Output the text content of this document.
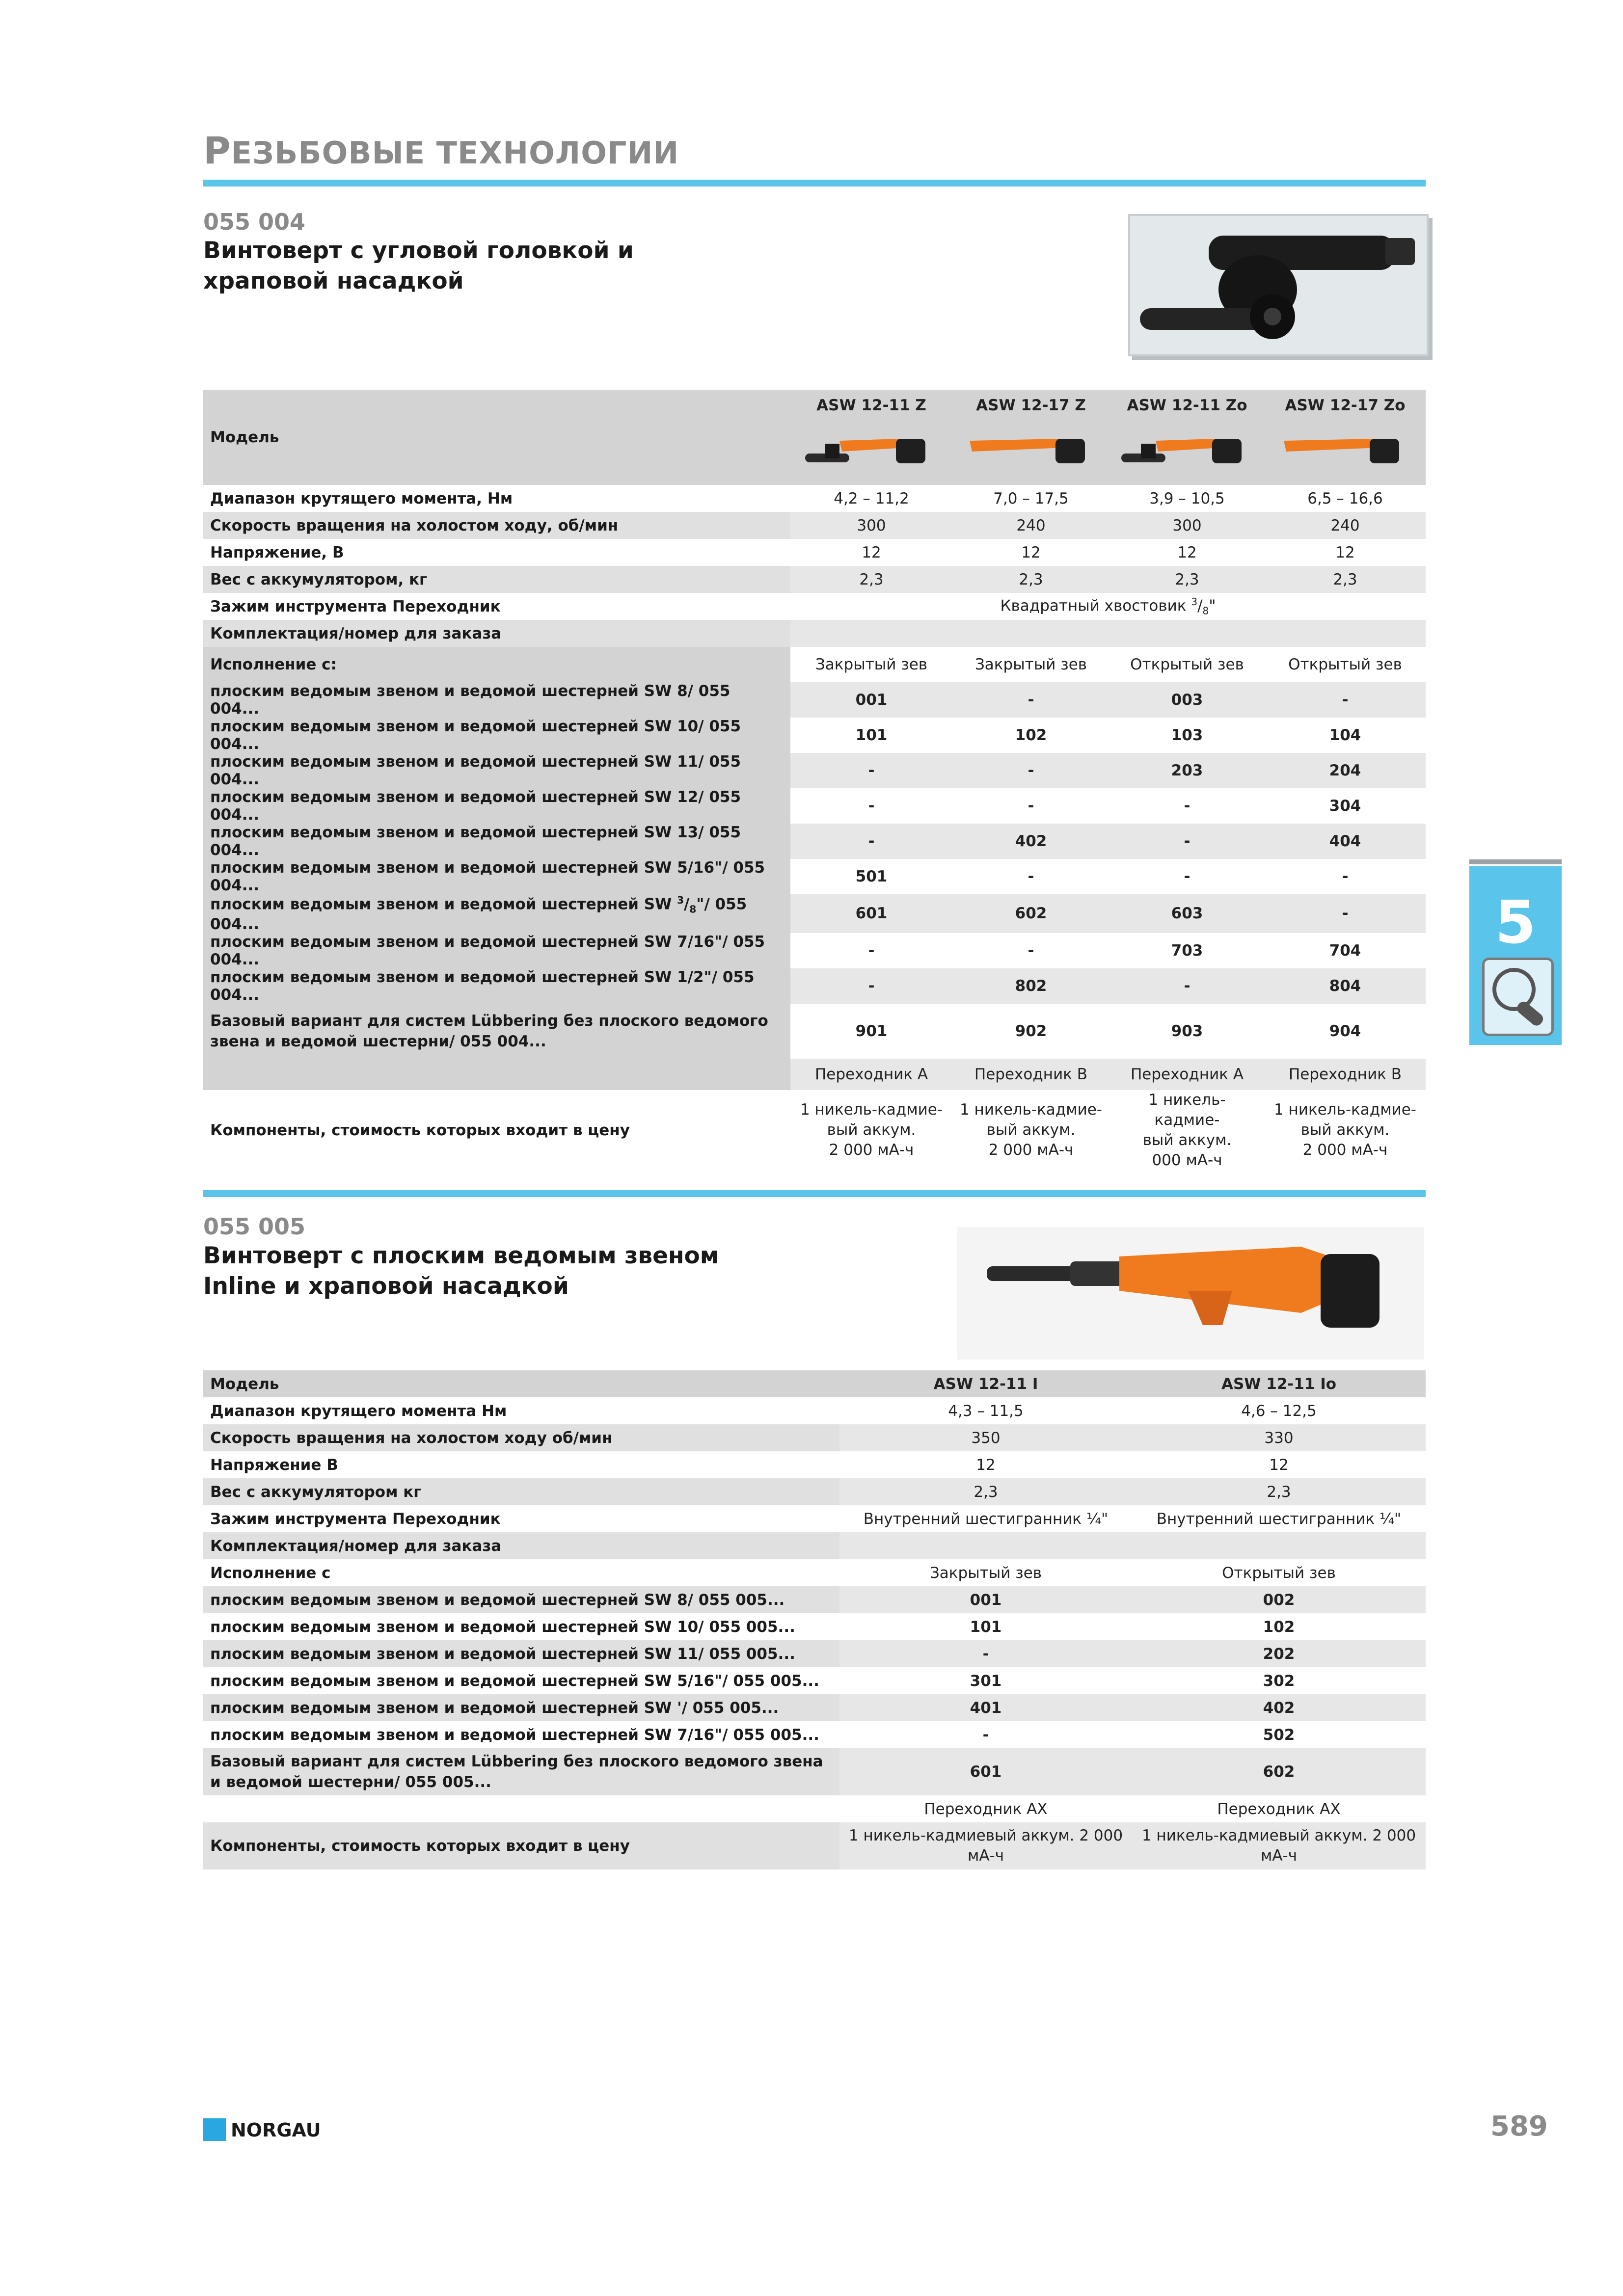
РЕЗЬБОВЫЕ ТЕХНОЛОГИИ
055 004
Винтоверт с угловой головкой и храповой насадкой
Модель	ASW 12-11 Z	ASW 12-17 Z	ASW 12-11 Zo	ASW 12-17 Zo

Диапазон крутящего момента, Нм	4,2 – 11,2	7,0 – 17,5	3,9 – 10,5	6,5 – 16,6
Скорость вращения на холостом ходу, об/мин	300	240	300	240
Напряжение, В	12	12	12	12
Вес с аккумулятором, кг	2,3	2,3	2,3	2,3
Зажим инструмента Переходник	Квадратный хвостовик $^3/_8$"			
Комплектация/номер для заказа				
Исполнение с:	Закрытый зев	Закрытый зев	Открытый зев	Открытый зев
плоским ведомым звеном и ведомой шестерней SW 8/ 055 004...	001	-	003	-
плоским ведомым звеном и ведомой шестерней SW 10/ 055 004...	101	102	103	104
плоским ведомым звеном и ведомой шестерней SW 11/ 055 004...	-	-	203	204
плоским ведомым звеном и ведомой шестерней SW 12/ 055 004...	-	-	-	304
плоским ведомым звеном и ведомой шестерней SW 13/ 055 004...	-	402	-	404
плоским ведомым звеном и ведомой шестерней SW 5/16"/ 055 004...	501	-	-	-
плоским ведомым звеном и ведомой шестерней SW $^3/_8"/$ 055 004...	601	602	603	-
плоским ведомым звеном и ведомой шестерней SW 7/16"/ 055 004...	-	-	703	704
плоским ведомым звеном и ведомой шестерней SW 1/2"/ 055 004...	-	802	-	804
Базовый вариант для систем Lübbering без плоского ведомого звена и ведомой шестерни/ 055 004...	901	902	903	904
	Переходник A	Переходник B	Переходник A	Переходник B
Компоненты, стоимость которых входит в цену	1 никель-кадмие-
вый аккум.
2 000 мА-ч	1 никель-кадмие-
вый аккум.
2 000 мА-ч	1 никель-кадмие-
вый аккум.
000 мА-ч	1 никель-кадмие-
вый аккум.
2 000 мА-ч
055 005
Винтоверт с плоским ведомым звеном Inline и храповой насадкой
Модель	ASW 12-11 I	ASW 12-11 Io
Диапазон крутящего момента Нм	4,3 – 11,5	4,6 – 12,5
Скорость вращения на холостом ходу об/мин	350	330
Напряжение В	12	12
Вес с аккумулятором кг	2,3	2,3
Зажим инструмента Переходник	Внутренний шестигранник ¼"	Внутренний шестигранник ¼"
Комплектация/номер для заказа		
Исполнение с	Закрытый зев	Открытый зев
плоским ведомым звеном и ведомой шестерней SW 8/ 055 005...	001	002
плоским ведомым звеном и ведомой шестерней SW 10/ 055 005...	101	102
плоским ведомым звеном и ведомой шестерней SW 11/ 055 005...	-	202
плоским ведомым звеном и ведомой шестерней SW 5/16"/ 055 005...	301	302
плоским ведомым звеном и ведомой шестерней SW '/ 055 005...	401	402
плоским ведомым звеном и ведомой шестерней SW 7/16"/ 055 005...	-	502
Базовый вариант для систем Lübbering без плоского ведомого звена и ведомой шестерни/ 055 005...	601	602
	Переходник AX	Переходник AX
Компоненты, стоимость которых входит в цену	1 никель-кадмиевый аккум. 2 000 мА-ч	1 никель-кадмиевый аккум. 2 000 мА-ч
5
NORGAU	589
